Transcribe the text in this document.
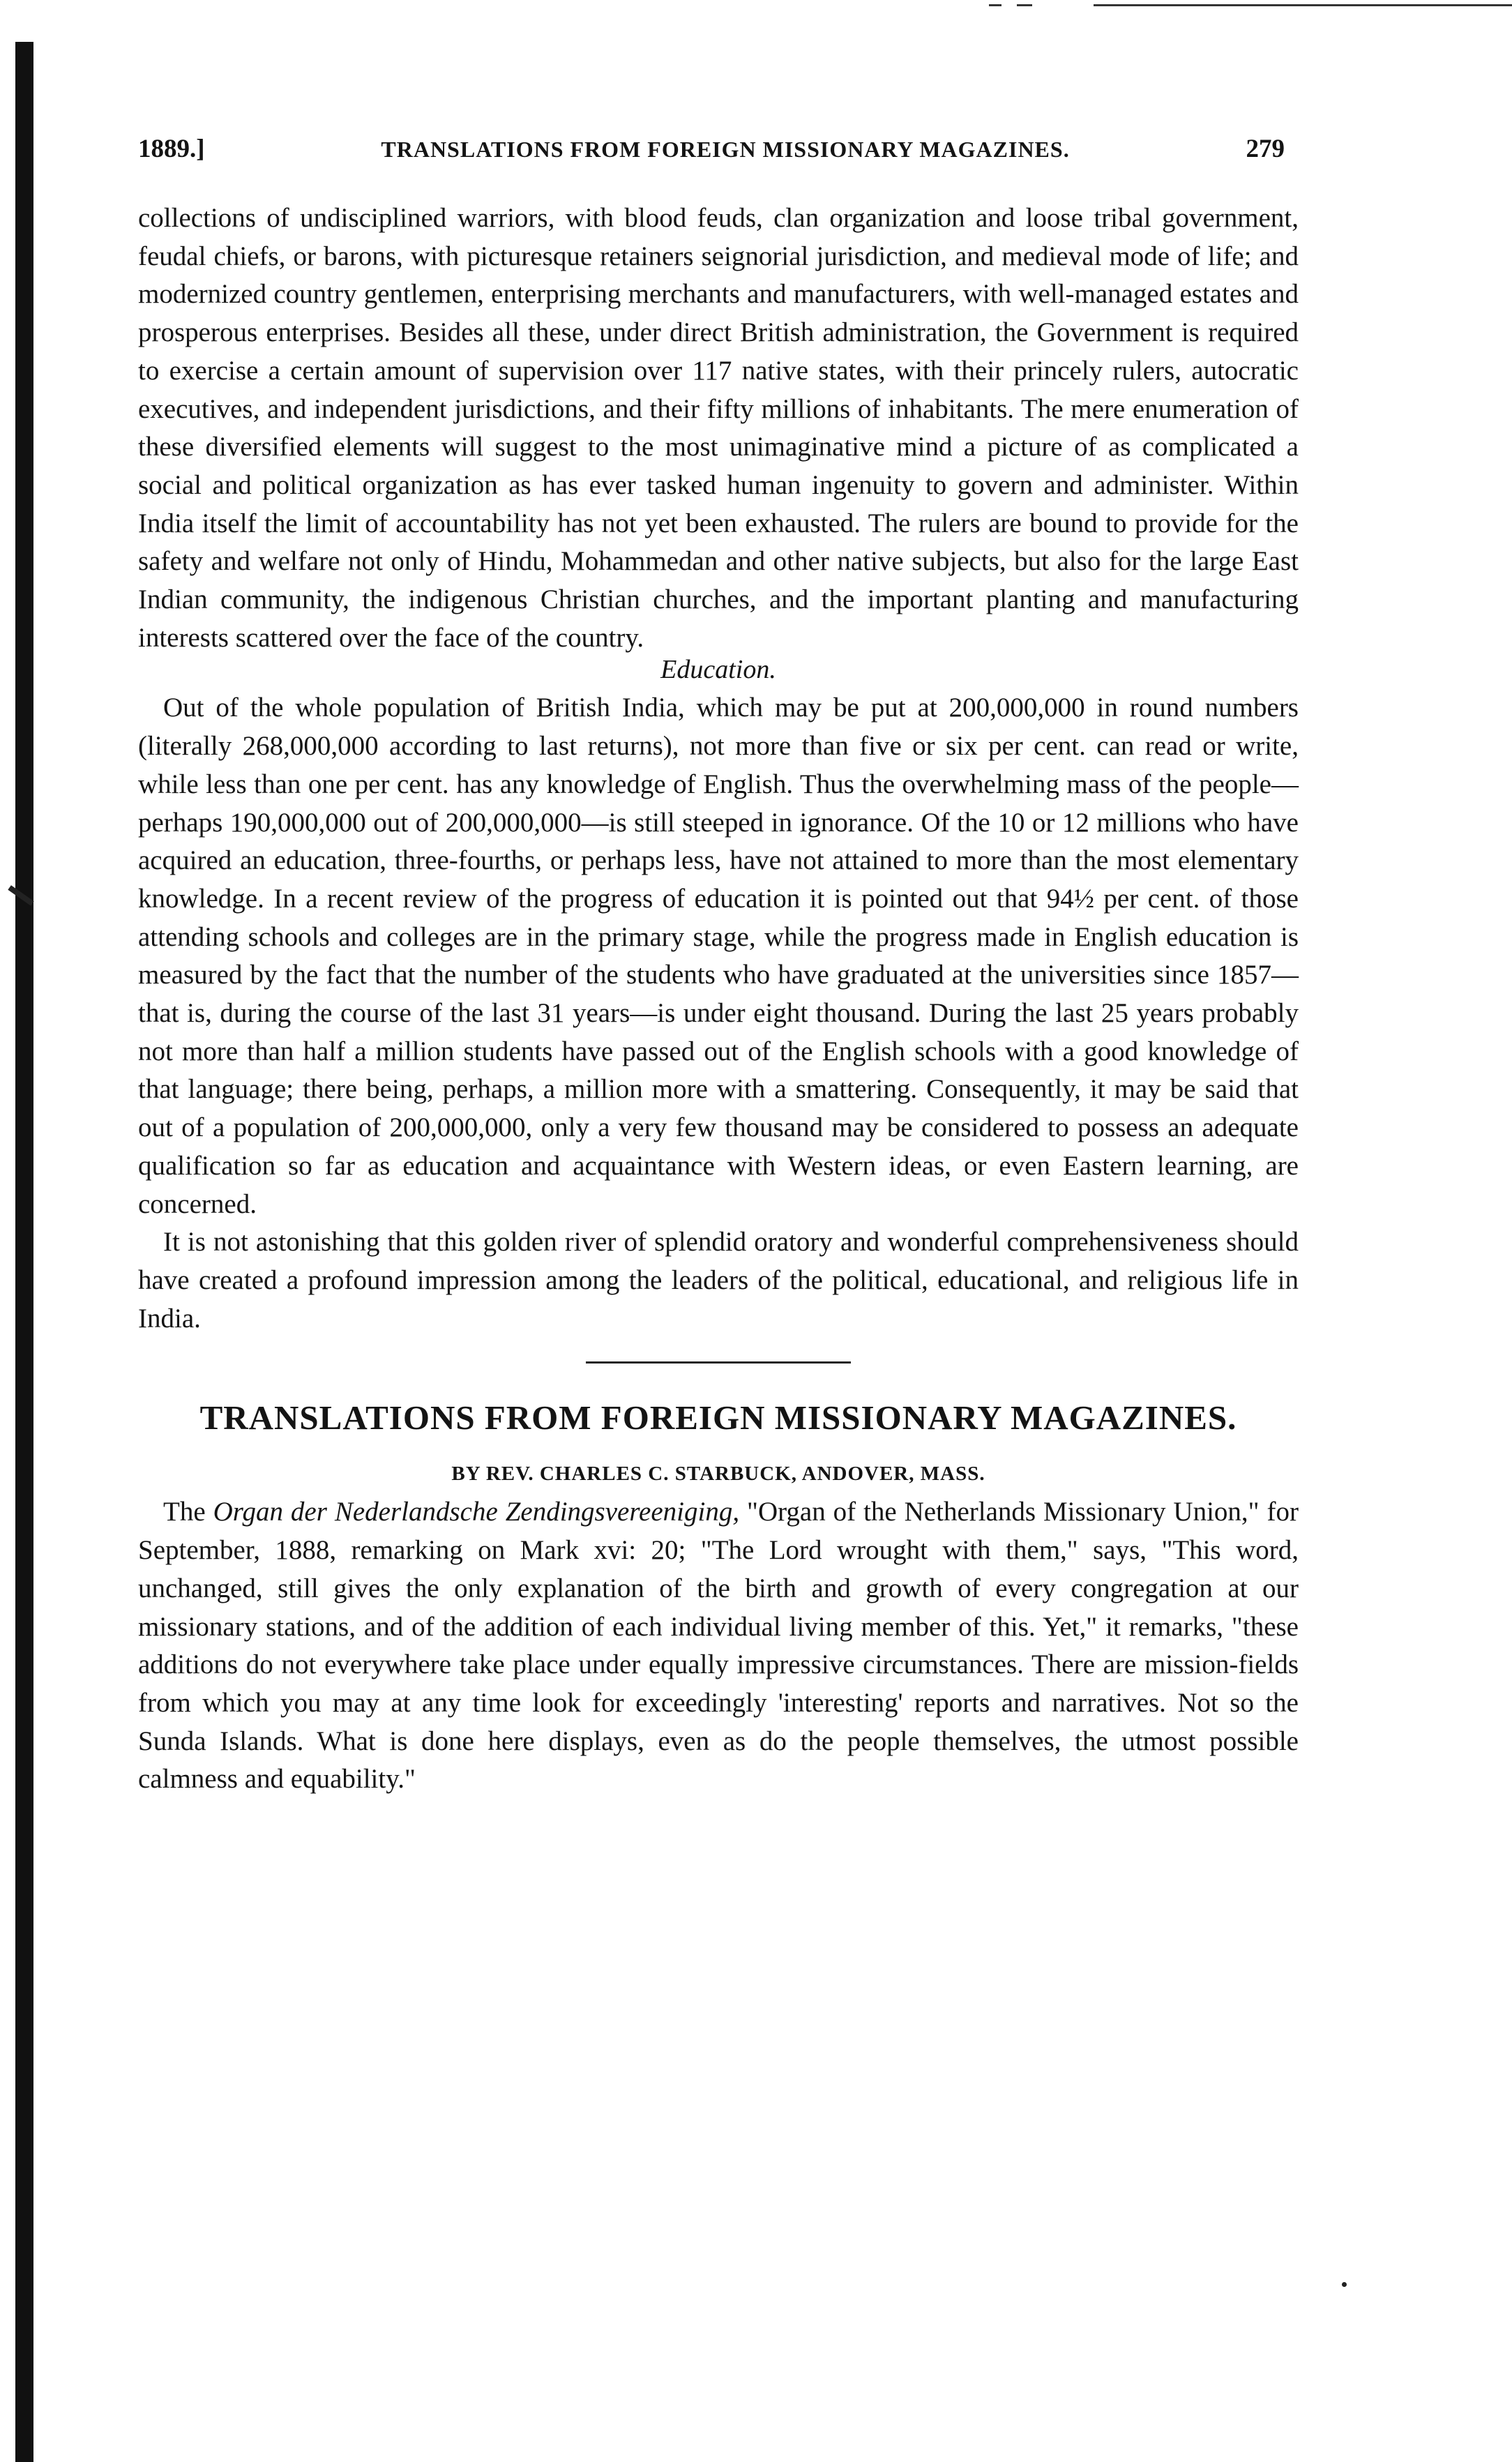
1889.]	TRANSLATIONS FROM FOREIGN MISSIONARY MAGAZINES.	279

collections of undisciplined warriors, with blood feuds, clan organization and loose tribal government, feudal chiefs, or barons, with picturesque retainers seignorial jurisdiction, and medieval mode of life; and modernized country gentlemen, enterprising merchants and manufacturers, with well-managed estates and prosperous enterprises. Besides all these, under direct British administration, the Government is required to exercise a certain amount of supervision over 117 native states, with their princely rulers, autocratic executives, and independent jurisdictions, and their fifty millions of inhabitants. The mere enumeration of these diversified elements will suggest to the most unimaginative mind a picture of as complicated a social and political organization as has ever tasked human ingenuity to govern and administer. Within India itself the limit of accountability has not yet been exhausted. The rulers are bound to provide for the safety and welfare not only of Hindu, Mohammedan and other native subjects, but also for the large East Indian community, the indigenous Christian churches, and the important planting and manufacturing interests scattered over the face of the country.

Education.

Out of the whole population of British India, which may be put at 200,000,000 in round numbers (literally 268,000,000 according to last returns), not more than five or six per cent. can read or write, while less than one per cent. has any knowledge of English. Thus the overwhelming mass of the people—perhaps 190,000,000 out of 200,000,000—is still steeped in ignorance. Of the 10 or 12 millions who have acquired an education, three-fourths, or perhaps less, have not attained to more than the most elementary knowledge. In a recent review of the progress of education it is pointed out that 94½ per cent. of those attending schools and colleges are in the primary stage, while the progress made in English education is measured by the fact that the number of the students who have graduated at the universities since 1857—that is, during the course of the last 31 years—is under eight thousand. During the last 25 years probably not more than half a million students have passed out of the English schools with a good knowledge of that language; there being, perhaps, a million more with a smattering. Consequently, it may be said that out of a population of 200,000,000, only a very few thousand may be considered to possess an adequate qualification so far as education and acquaintance with Western ideas, or even Eastern learning, are concerned.

It is not astonishing that this golden river of splendid oratory and wonderful comprehensiveness should have created a profound impression among the leaders of the political, educational, and religious life in India.

TRANSLATIONS FROM FOREIGN MISSIONARY MAGAZINES.

BY REV. CHARLES C. STARBUCK, ANDOVER, MASS.

The Organ der Nederlandsche Zendingsvereeniging, "Organ of the Netherlands Missionary Union," for September, 1888, remarking on Mark xvi: 20; "The Lord wrought with them," says, "This word, unchanged, still gives the only explanation of the birth and growth of every congregation at our missionary stations, and of the addition of each individual living member of this. Yet," it remarks, "these additions do not everywhere take place under equally impressive circumstances. There are mission-fields from which you may at any time look for exceedingly 'interesting' reports and narratives. Not so the Sunda Islands. What is done here displays, even as do the people themselves, the utmost possible calmness and equability."
